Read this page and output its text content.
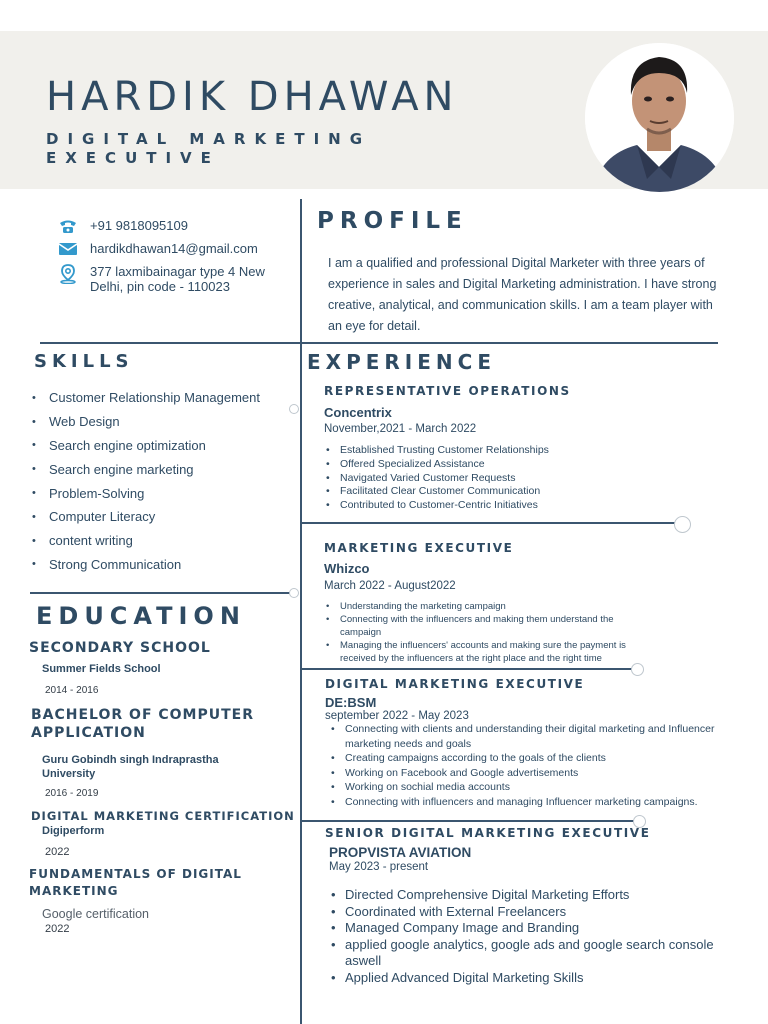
HARDIK DHAWAN
DIGITAL MARKETING EXECUTIVE
+91 9818095109
hardikdhawan14@gmail.com
377 laxmibainagar type 4 New Delhi, pin code - 110023
PROFILE

I am a qualified and professional Digital Marketer with three years of experience in sales and Digital Marketing administration. I have strong creative, analytical, and communication skills. I am a team player with an eye for detail.

SKILLS
• Customer Relationship Management
• Web Design
• Search engine optimization
• Search engine marketing
• Problem-Solving
• Computer Literacy
• content writing
• Strong Communication
EDUCATION
SECONDARY SCHOOL
Summer Fields School
2014 - 2016
BACHELOR OF COMPUTER APPLICATION
Guru Gobindh singh Indraprastha University
2016 - 2019
DIGITAL MARKETING CERTIFICATION
Digiperform
2022
FUNDAMENTALS OF DIGITAL MARKETING
Google certification
2022
EXPERIENCE
REPRESENTATIVE OPERATIONS
Concentrix
November,2021 - March 2022
• Established Trusting Customer Relationships
• Offered Specialized Assistance
• Navigated Varied Customer Requests
• Facilitated Clear Customer Communication
• Contributed to Customer-Centric Initiatives
MARKETING EXECUTIVE
Whizco
March 2022 - August2022
• Understanding the marketing campaign
• Connecting with the influencers and making them understand the campaign
• Managing the influencers' accounts and making sure the payment is received by the influencers at the right place and the right time
DIGITAL MARKETING EXECUTIVE
DE:BSM
september 2022 - May 2023
• Connecting with clients and understanding their digital marketing and Influencer marketing needs and goals
• Creating campaigns according to the goals of the clients
• Working on Facebook and Google advertisements
• Working on sochial media accounts
• Connecting with influencers and managing Influencer marketing campaigns.
SENIOR DIGITAL MARKETING EXECUTIVE
PROPVISTA AVIATION
May 2023 - present
• Directed Comprehensive Digital Marketing Efforts
• Coordinated with External Freelancers
• Managed Company Image and Branding
• applied google analytics, google ads and google search console aswell
• Applied Advanced Digital Marketing Skills
